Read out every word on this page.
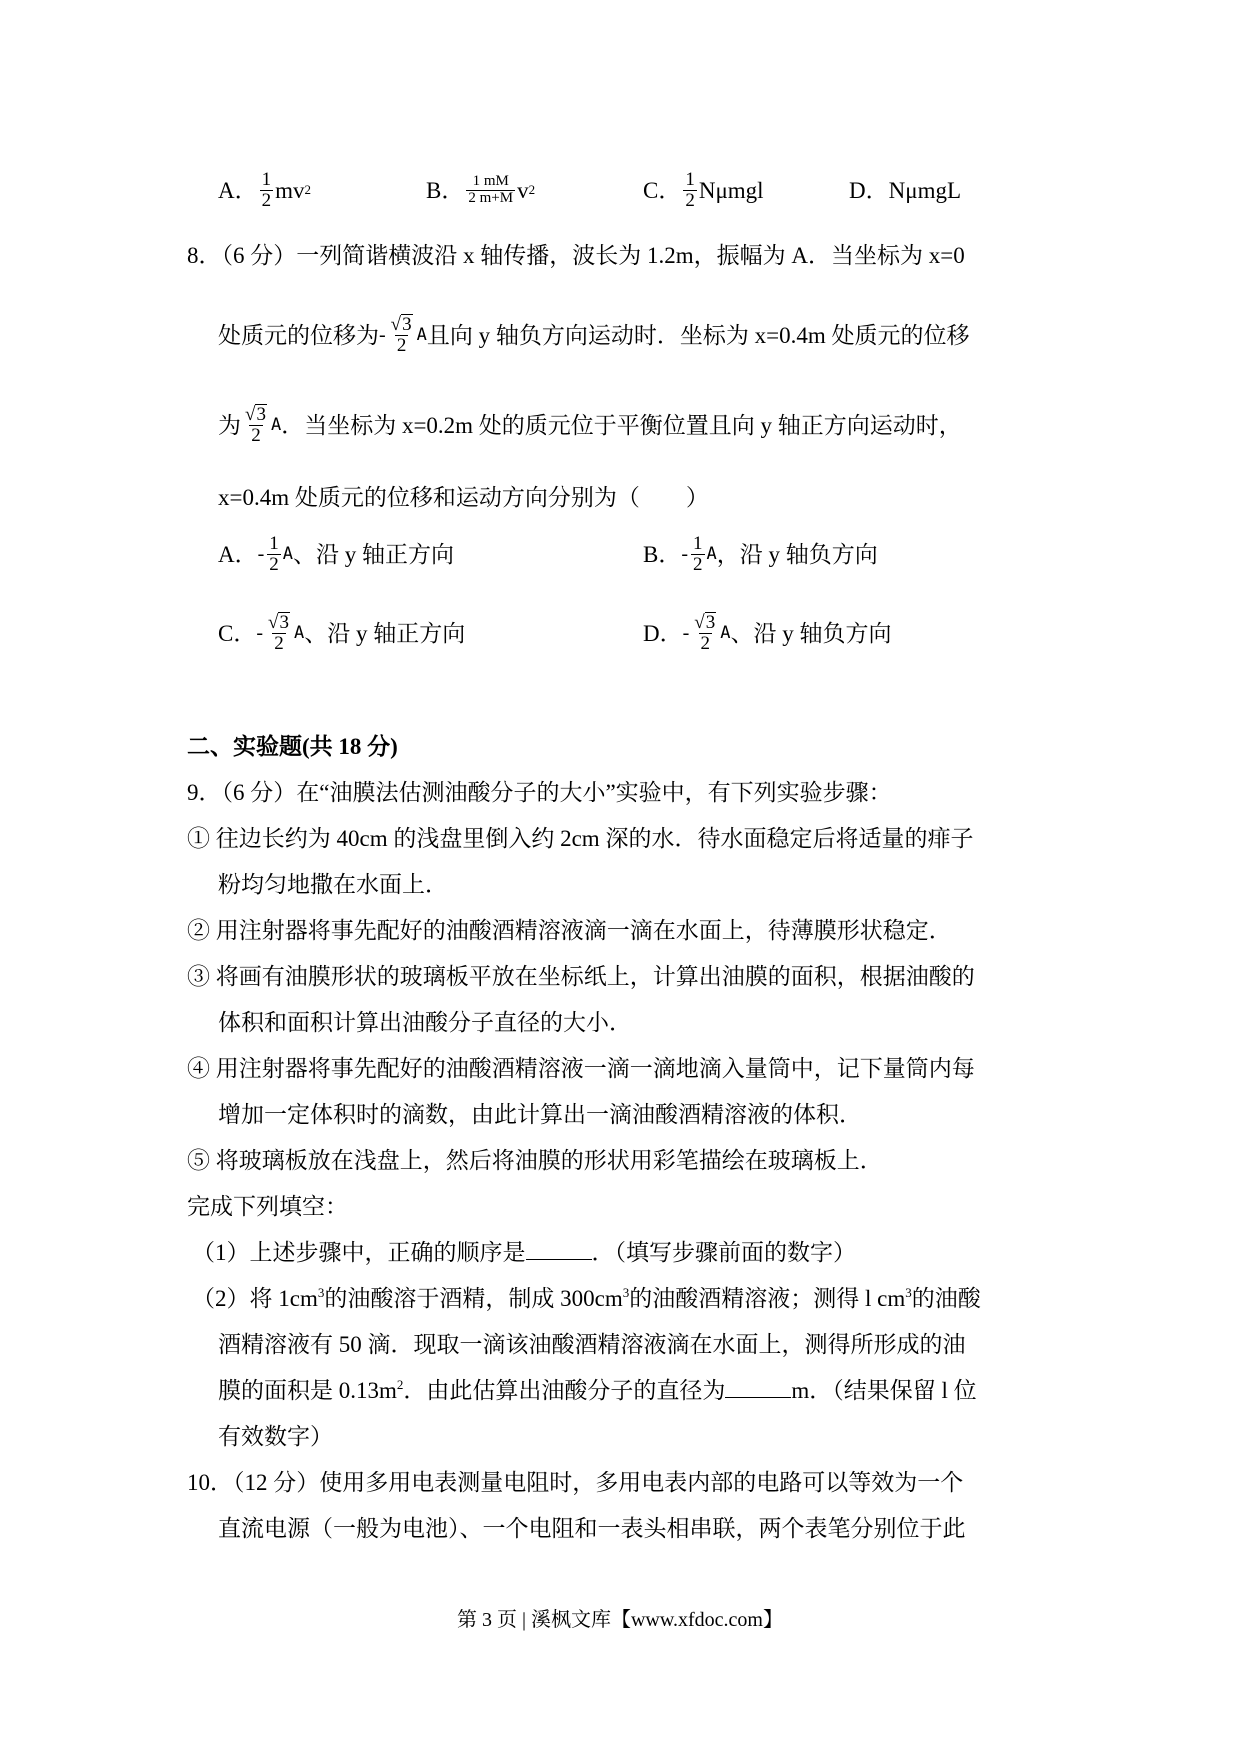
A． $\frac{1}{2}$ mv 2	B． $\frac{1 mM}{2 m+M}$ v 2	C． $\frac{1}{2}$ Nμmgl	D． NμmgL
8．（6 分）一列简谐横波沿 x 轴传播，波长为 1.2m，振幅为 A．当坐标为 x=0
处质元的位移为 - $\frac{√ 3}{2}$ A 且向 y 轴负方向运动时．坐标为 x=0.4m 处质元的位移
为 $\frac{√ 3}{2}$ A ．当坐标为 x=0.2m 处的质元位于平衡位置且向 y 轴正方向运动时，
x=0.4m 处质元的位移和运动方向分别为（　　）
A． - $\frac{1}{2}$ A 、沿 y 轴正方向	B． - $\frac{1}{2}$ A ，沿 y 轴负方向
C． - $\frac{√ 3}{2}$ A 、沿 y 轴正方向	D． - $\frac{√ 3}{2}$ A 、沿 y 轴负方向
二、实验题(共 18 分)
9．（6 分）在“油膜法估测油酸分子的大小”实验中，有下列实验步骤：
① 往边长约为 40cm 的浅盘里倒入约 2cm 深的水．待水面稳定后将适量的痱子
粉均匀地撒在水面上．
② 用注射器将事先配好的油酸酒精溶液滴一滴在水面上，待薄膜形状稳定．
③ 将画有油膜形状的玻璃板平放在坐标纸上，计算出油膜的面积，根据油酸的
体积和面积计算出油酸分子直径的大小．
④ 用注射器将事先配好的油酸酒精溶液一滴一滴地滴入量筒中，记下量筒内每
增加一定体积时的滴数，由此计算出一滴油酸酒精溶液的体积．
⑤ 将玻璃板放在浅盘上，然后将油膜的形状用彩笔描绘在玻璃板上．
完成下列填空：
（1）上述步骤中，正确的顺序是	．（填写步骤前面的数字）
（2）将 $1cm^3$的油酸溶于酒精，制成 $300cm^3$的油酸酒精溶液；测得 l $cm^3$的油酸
酒精溶液有 50 滴．现取一滴该油酸酒精溶液滴在水面上，测得所形成的油
膜的面积是 $0.13m^2$．由此估算出油酸分子的直径为	m．（结果保留 l 位
有效数字）
10．（12 分）使用多用电表测量电阻时，多用电表内部的电路可以等效为一个
直流电源（一般为电池）、一个电阻和一表头相串联，两个表笔分别位于此
第 3 页 | 溪枫文库【www.xfdoc.com】
